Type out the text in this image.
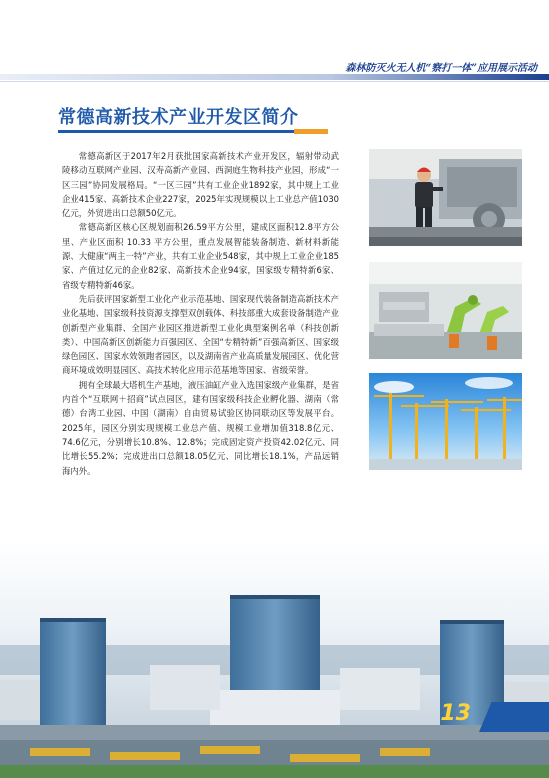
森林防灭火无人机“察打一体”应用展示活动
常德高新技术产业开发区简介

常德高新区于2017年2月获批国家高新技术产业开发区，辐射带动武陵移动互联网产业园、汉寿高新产业园、西洞庭生物科技产业园，形成“一区三园”协同发展格局。“一区三园”共有工业企业1892家，其中规上工业企业415家、高新技术企业227家，2025年实现规模以上工业总产值1030亿元，外贸进出口总额50亿元。

常德高新区核心区规划面积26.59平方公里，建成区面积12.8平方公里、产业区面积 10.33 平方公里，重点发展智能装备制造、新材料新能源、大健康“两主一特”产业，共有工业企业548家，其中规上工业企业185家、产值过亿元的企业82家、高新技术企业94家，国家级专精特新6家、省级专精特新46家。

先后获评国家新型工业化产业示范基地、国家现代装备制造高新技术产业化基地、国家级科技资源支撑型双创载体、科技部重大成套设备制造产业创新型产业集群、全国产业园区推进新型工业化典型案例名单（科技创新类）、中国高新区创新能力百强园区、全国“专精特新”百强高新区、国家级绿色园区、国家水效领跑者园区，以及湖南省产业高质量发展园区、优化营商环境成效明显园区、高技术转化应用示范基地等国家、省级荣誉。

拥有全球最大塔机生产基地，液压油缸产业入选国家级产业集群，是省内首个“互联网＋招商”试点园区，建有国家级科技企业孵化器、湖南（常德）台湾工业园、中国（湖南）自由贸易试验区协同联动区等发展平台。2025年，园区分别实现规模工业总产值、规模工业增加值318.8亿元、74.6亿元，分别增长10.8%、12.8%；完成固定资产投资42.02亿元、同比增长55.2%；完成进出口总额18.05亿元、同比增长18.1%，产品远销海内外。

13
